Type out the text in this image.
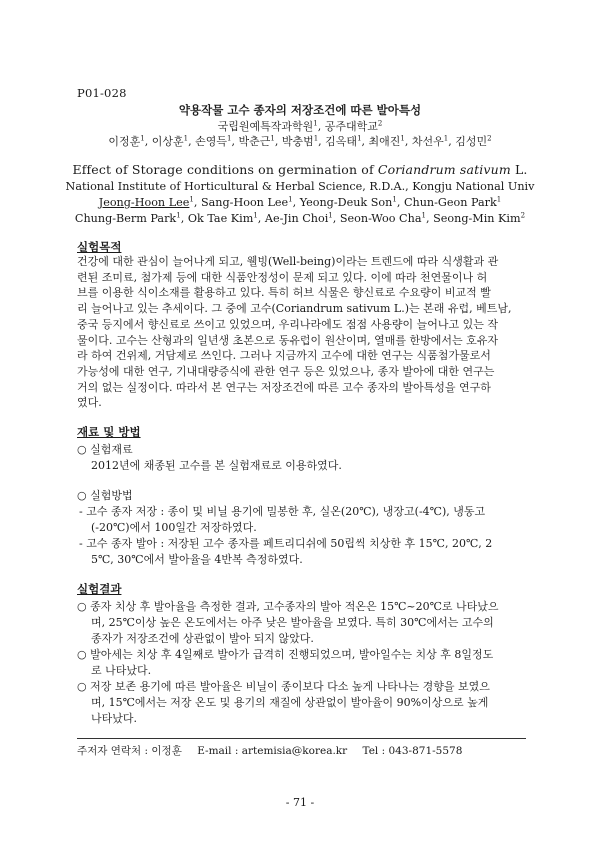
P01-028
약용작물 고수 종자의 저장조건에 따른 발아특성
국립원예특작과학원$^1$, 공주대학교$^2$
이정훈$^1$, 이상훈$^1$, 손영득$^1$, 박춘근$^1$, 박충범$^1$, 김옥태$^1$, 최애진$^1$, 차선우$^1$, 김성민$^2$
Effect of Storage conditions on germination of Coriandrum sativum L.
National Institute of Horticultural & Herbal Science, R.D.A., Kongju National Univ
Jeong-Hoon Lee$^1$, Sang-Hoon Lee$^1$, Yeong-Deuk Son$^1$, Chun-Geon Park$^1$
Chung-Berm Park$^1$, Ok Tae Kim$^1$, Ae-Jin Choi$^1$, Seon-Woo Cha$^1$, Seong-Min Kim$^2$
실험목적
건강에 대한 관심이 늘어나게 되고, 웰빙(Well-being)이라는 트렌드에 따라 식생활과 관
련된 조미료, 첨가제 등에 대한 식품안정성이 문제 되고 있다. 이에 따라 천연물이나 허
브를 이용한 식이소재를 활용하고 있다. 특히 허브 식물은 향신료로 수요량이 비교적 빨
리 늘어나고 있는 추세이다. 그 중에 고수(Coriandrum sativum L.)는 본래 유럽, 베트남,
중국 등지에서 향신료로 쓰이고 있었으며, 우리나라에도 점점 사용량이 늘어나고 있는 작
물이다. 고수는 산형과의 일년생 초본으로 동유럽이 원산이며, 열매를 한방에서는 호유자
라 하여 건위제, 거담제로 쓰인다. 그러나 지금까지 고수에 대한 연구는 식품첨가물로서
가능성에 대한 연구, 기내대량증식에 관한 연구 등은 있었으나, 종자 발아에 대한 연구는
거의 없는 실정이다. 따라서 본 연구는 저장조건에 따른 고수 종자의 발아특성을 연구하
였다.
재료 및 방법
○ 실험재료
2012년에 채종된 고수를 본 실험재료로 이용하였다.
○ 실험방법
- 고수 종자 저장 : 종이 및 비닐 용기에 밀봉한 후, 실온(20℃), 냉장고(-4℃), 냉동고
(-20℃)에서 100일간 저장하였다.
- 고수 종자 발아 : 저장된 고수 종자를 페트리디쉬에 50립씩 치상한 후 15℃, 20℃, 2
5℃, 30℃에서 발아율을 4반복 측정하였다.
실험결과
○ 종자 치상 후 발아율을 측정한 결과, 고수종자의 발아 적온은 15℃~20℃로 나타났으
며, 25℃이상 높은 온도에서는 아주 낮은 발아율을 보였다. 특히 30℃에서는 고수의
종자가 저장조건에 상관없이 발아 되지 않았다.
○ 발아세는 치상 후 4일째로 발아가 급격히 진행되었으며, 발아일수는 치상 후 8일정도
로 나타났다.
○ 저장 보존 용기에 따른 발아율은 비닐이 종이보다 다소 높게 나타나는 경향을 보였으
며, 15℃에서는 저장 온도 및 용기의 재질에 상관없이 발아율이 90%이상으로 높게
나타났다.
주저자 연락처 : 이정훈 E-mail : artemisia@korea.kr Tel : 043-871-5578
- 71 -
